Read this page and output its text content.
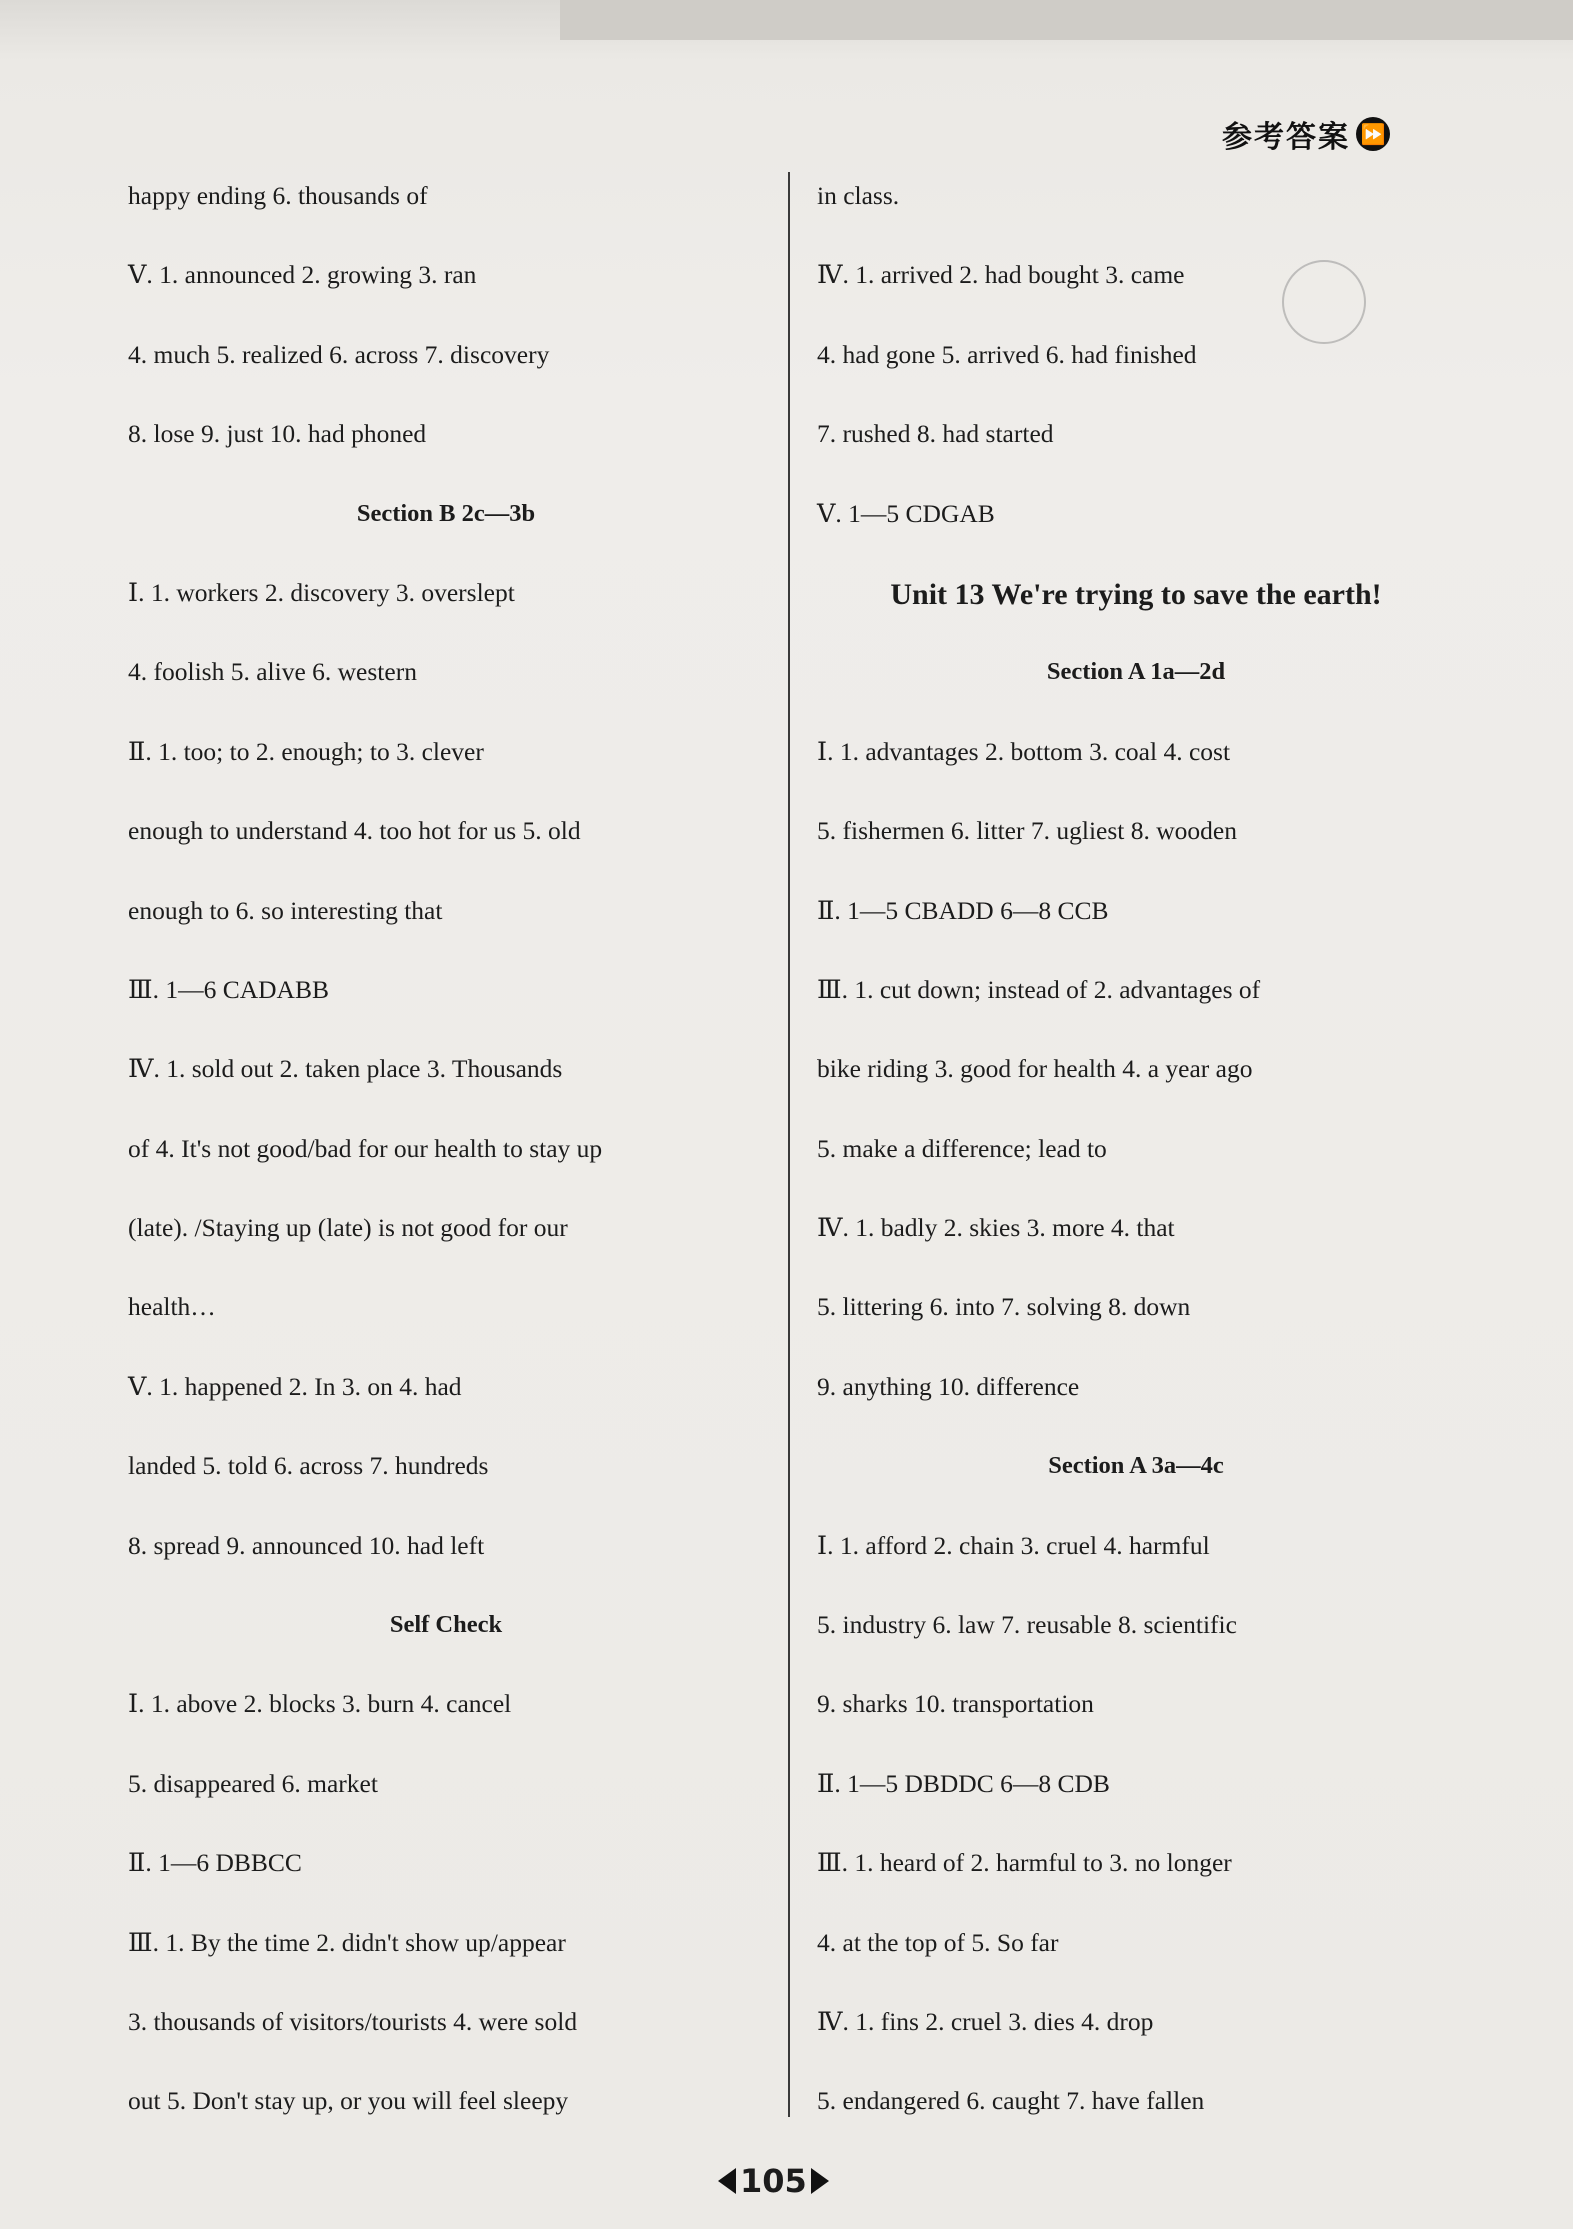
参考答案 ⏩
happy ending 6. thousands of
Ⅴ. 1. announced 2. growing 3. ran
4. much 5. realized 6. across 7. discovery
8. lose 9. just 10. had phoned
Section B 2c—3b
Ⅰ. 1. workers 2. discovery 3. overslept
4. foolish 5. alive 6. western
Ⅱ. 1. too; to 2. enough; to 3. clever
enough to understand 4. too hot for us 5. old
enough to 6. so interesting that
Ⅲ. 1—6 CADABB
Ⅳ. 1. sold out 2. taken place 3. Thousands
of 4. It's not good/bad for our health to stay up
(late). /Staying up (late) is not good for our
health…
Ⅴ. 1. happened 2. In 3. on 4. had
landed 5. told 6. across 7. hundreds
8. spread 9. announced 10. had left
Self Check
Ⅰ. 1. above 2. blocks 3. burn 4. cancel
5. disappeared 6. market
Ⅱ. 1—6 DBBCC
Ⅲ. 1. By the time 2. didn't show up/appear
3. thousands of visitors/tourists 4. were sold
out 5. Don't stay up, or you will feel sleepy
in class.
Ⅳ. 1. arrived 2. had bought 3. came
4. had gone 5. arrived 6. had finished
7. rushed 8. had started
Ⅴ. 1—5 CDGAB
Unit 13 We're trying to save the earth!
Section A 1a—2d
Ⅰ. 1. advantages 2. bottom 3. coal 4. cost
5. fishermen 6. litter 7. ugliest 8. wooden
Ⅱ. 1—5 CBADD 6—8 CCB
Ⅲ. 1. cut down; instead of 2. advantages of
bike riding 3. good for health 4. a year ago
5. make a difference; lead to
Ⅳ. 1. badly 2. skies 3. more 4. that
5. littering 6. into 7. solving 8. down
9. anything 10. difference
Section A 3a—4c
Ⅰ. 1. afford 2. chain 3. cruel 4. harmful
5. industry 6. law 7. reusable 8. scientific
9. sharks 10. transportation
Ⅱ. 1—5 DBDDC 6—8 CDB
Ⅲ. 1. heard of 2. harmful to 3. no longer
4. at the top of 5. So far
Ⅳ. 1. fins 2. cruel 3. dies 4. drop
5. endangered 6. caught 7. have fallen
105
